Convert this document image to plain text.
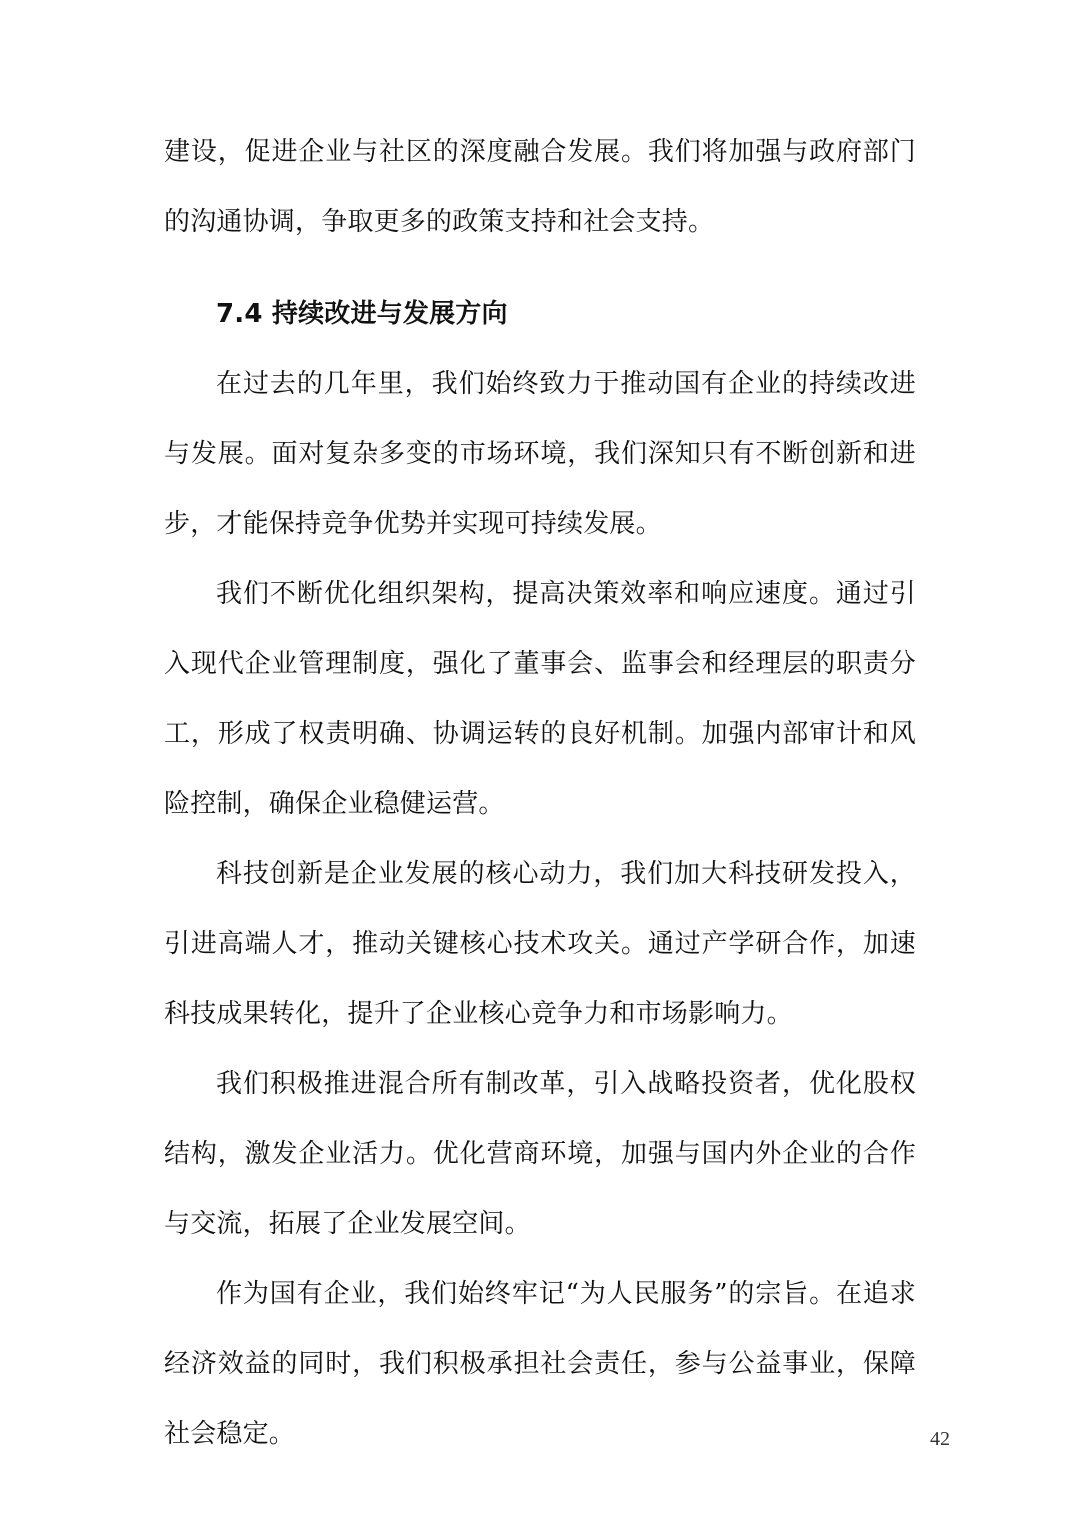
建设，促进企业与社区的深度融合发展。我们将加强与政府部门的沟通协调，争取更多的政策支持和社会支持。

7.4 持续改进与发展方向

在过去的几年里，我们始终致力于推动国有企业的持续改进与发展。面对复杂多变的市场环境，我们深知只有不断创新和进步，才能保持竞争优势并实现可持续发展。

我们不断优化组织架构，提高决策效率和响应速度。通过引入现代企业管理制度，强化了董事会、监事会和经理层的职责分工，形成了权责明确、协调运转的良好机制。加强内部审计和风险控制，确保企业稳健运营。

科技创新是企业发展的核心动力，我们加大科技研发投入，引进高端人才，推动关键核心技术攻关。通过产学研合作，加速科技成果转化，提升了企业核心竞争力和市场影响力。

我们积极推进混合所有制改革，引入战略投资者，优化股权结构，激发企业活力。优化营商环境，加强与国内外企业的合作与交流，拓展了企业发展空间。

作为国有企业，我们始终牢记“为人民服务”的宗旨。在追求经济效益的同时，我们积极承担社会责任，参与公益事业，保障社会稳定。	42
